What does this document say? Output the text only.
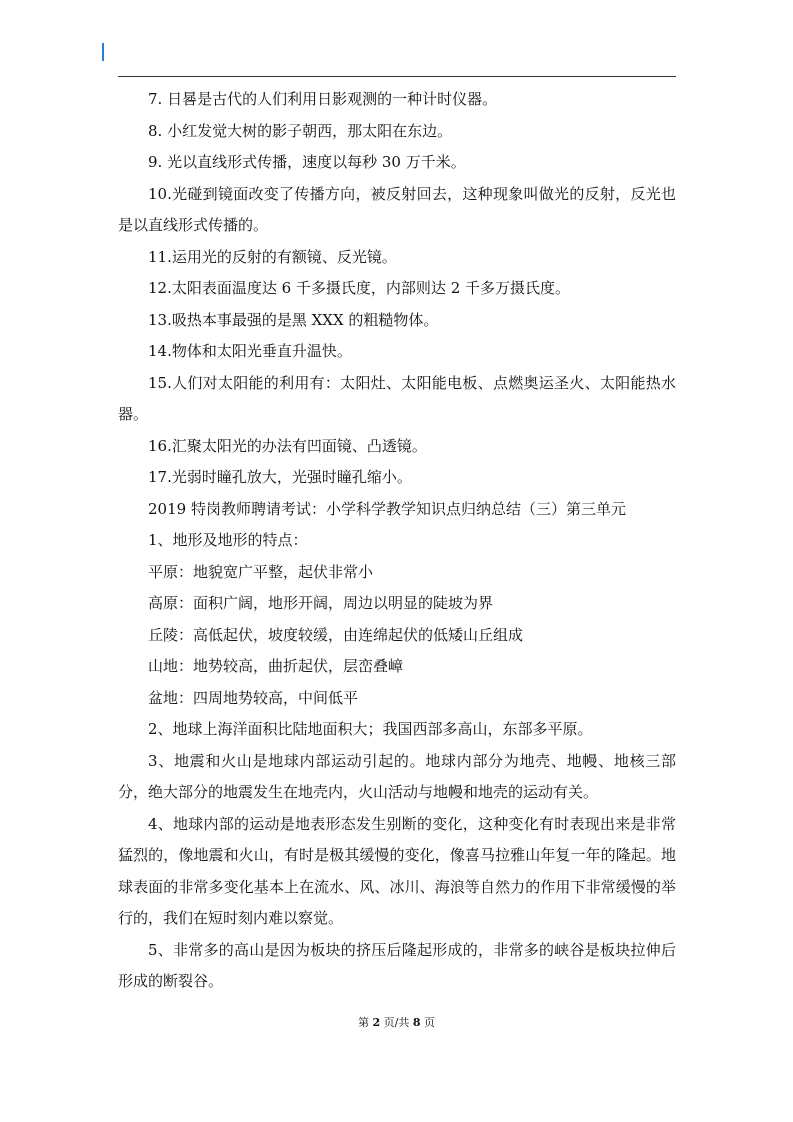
7. 日晷是古代的人们利用日影观测的一种计时仪器。

8. 小红发觉大树的影子朝西，那太阳在东边。

9. 光以直线形式传播，速度以每秒 30 万千米。

10.光碰到镜面改变了传播方向，被反射回去，这种现象叫做光的反射，反光也是以直线形式传播的。

11.运用光的反射的有额镜、反光镜。

12.太阳表面温度达 6 千多摄氏度，内部则达 2 千多万摄氏度。

13.吸热本事最强的是黑 XXX 的粗糙物体。

14.物体和太阳光垂直升温快。

15.人们对太阳能的利用有：太阳灶、太阳能电板、点燃奥运圣火、太阳能热水器。

16.汇聚太阳光的办法有凹面镜、凸透镜。

17.光弱时瞳孔放大，光强时瞳孔缩小。

2019 特岗教师聘请考试：小学科学教学知识点归纳总结（三）第三单元

1、地形及地形的特点：

平原：地貌宽广平整，起伏非常小

高原：面积广阔，地形开阔，周边以明显的陡坡为界

丘陵：高低起伏，坡度较缓，由连绵起伏的低矮山丘组成

山地：地势较高，曲折起伏，层峦叠嶂

盆地：四周地势较高，中间低平

2、地球上海洋面积比陆地面积大；我国西部多高山，东部多平原。

3、地震和火山是地球内部运动引起的。地球内部分为地壳、地幔、地核三部分，绝大部分的地震发生在地壳内，火山活动与地幔和地壳的运动有关。

4、地球内部的运动是地表形态发生别断的变化，这种变化有时表现出来是非常猛烈的，像地震和火山，有时是极其缓慢的变化，像喜马拉雅山年复一年的隆起。地球表面的非常多变化基本上在流水、风、冰川、海浪等自然力的作用下非常缓慢的举行的，我们在短时刻内难以察觉。

5、非常多的高山是因为板块的挤压后隆起形成的，非常多的峡谷是板块拉伸后形成的断裂谷。

第 2 页/共 8 页
